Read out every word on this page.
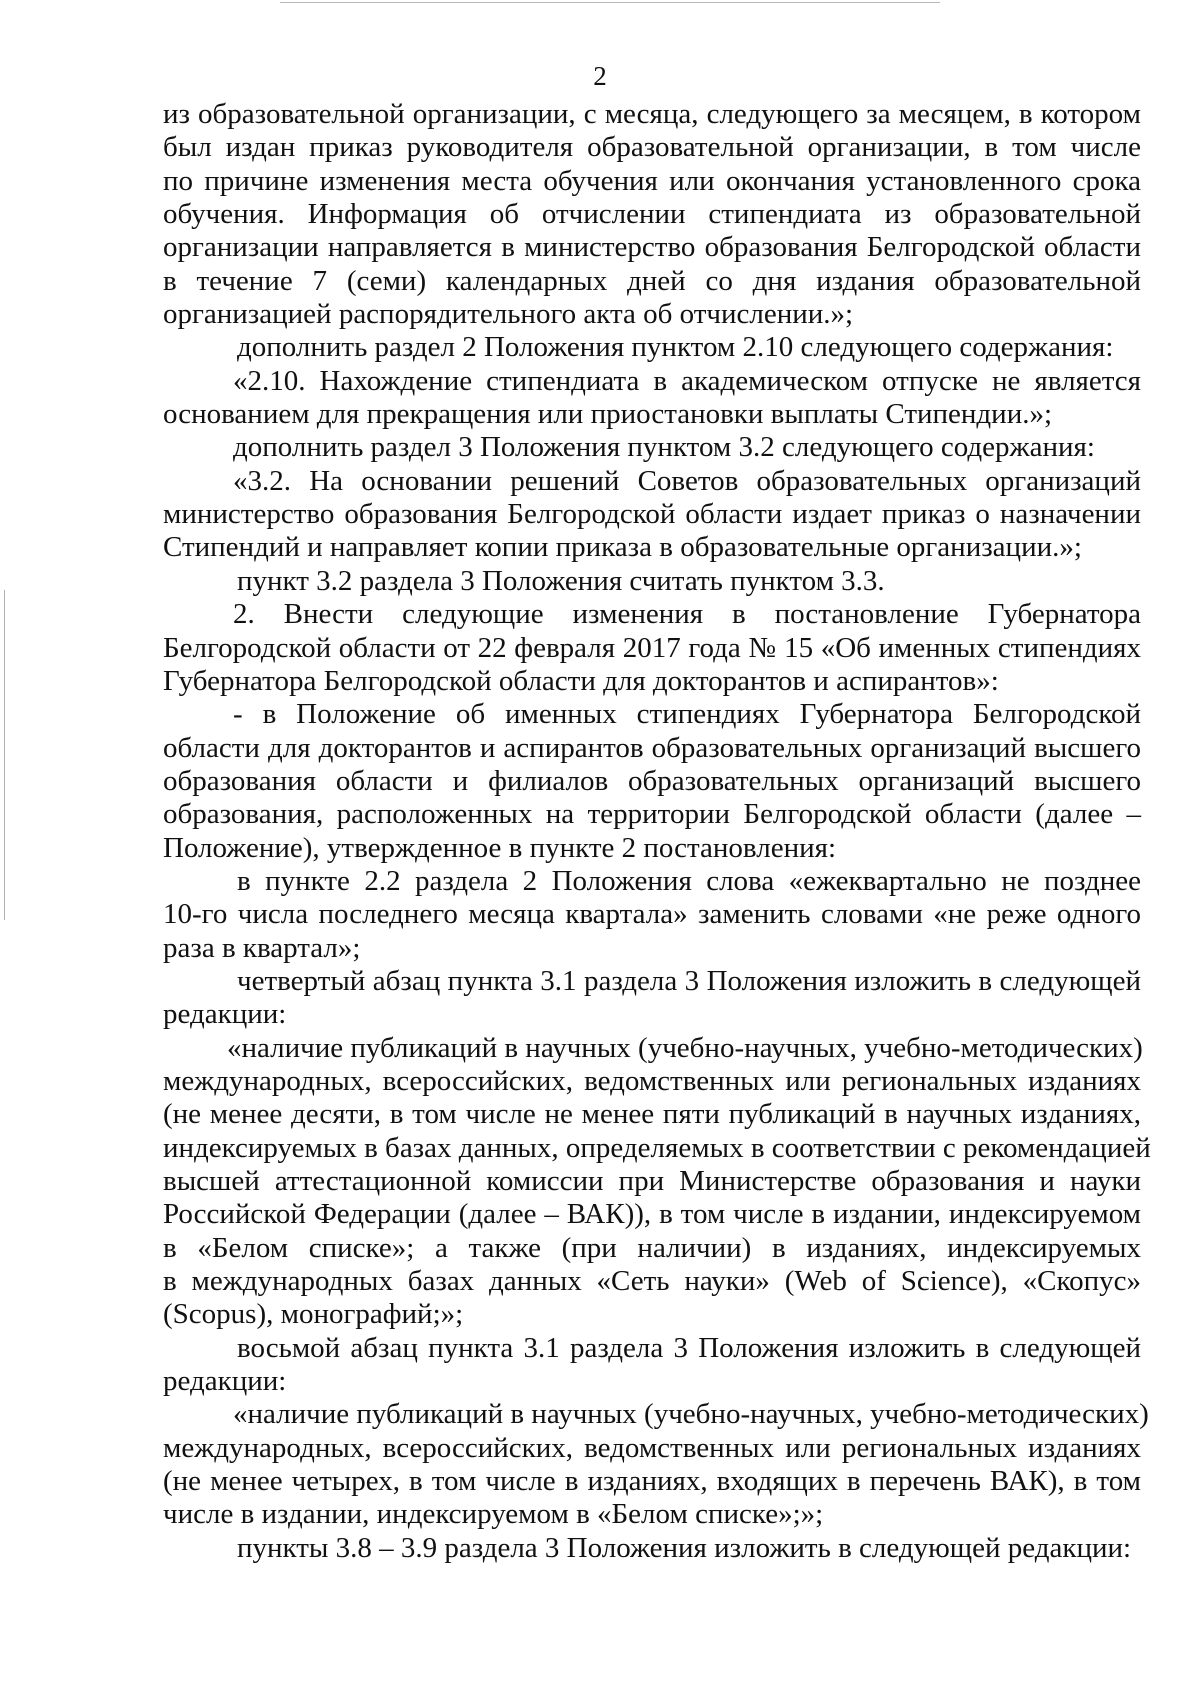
2
из образовательной организации, с месяца, следующего за месяцем, в котором
был издан приказ руководителя образовательной организации, в том числе
по причине изменения места обучения или окончания установленного срока
обучения. Информация об отчислении стипендиата из образовательной
организации направляется в министерство образования Белгородской области
в течение 7 (семи) календарных дней со дня издания образовательной
организацией распорядительного акта об отчислении.»;
дополнить раздел 2 Положения пунктом 2.10 следующего содержания:
«2.10. Нахождение стипендиата в академическом отпуске не является
основанием для прекращения или приостановки выплаты Стипендии.»;
дополнить раздел 3 Положения пунктом 3.2 следующего содержания:
«3.2. На основании решений Советов образовательных организаций
министерство образования Белгородской области издает приказ о назначении
Стипендий и направляет копии приказа в образовательные организации.»;
пункт 3.2 раздела 3 Положения считать пунктом 3.3.
2. Внести следующие изменения в постановление Губернатора
Белгородской области от 22 февраля 2017 года № 15 «Об именных стипендиях
Губернатора Белгородской области для докторантов и аспирантов»:
- в Положение об именных стипендиях Губернатора Белгородской
области для докторантов и аспирантов образовательных организаций высшего
образования области и филиалов образовательных организаций высшего
образования, расположенных на территории Белгородской области (далее –
Положение), утвержденное в пункте 2 постановления:
в пункте 2.2 раздела 2 Положения слова «ежеквартально не позднее
10-го числа последнего месяца квартала» заменить словами «не реже одного
раза в квартал»;
четвертый абзац пункта 3.1 раздела 3 Положения изложить в следующей
редакции:
«наличие публикаций в научных (учебно-научных, учебно-методических)
международных, всероссийских, ведомственных или региональных изданиях
(не менее десяти, в том числе не менее пяти публикаций в научных изданиях,
индексируемых в базах данных, определяемых в соответствии с рекомендацией
высшей аттестационной комиссии при Министерстве образования и науки
Российской Федерации (далее – ВАК)), в том числе в издании, индексируемом
в «Белом списке»; а также (при наличии) в изданиях, индексируемых
в международных базах данных «Сеть науки» (Web of Science), «Скопус»
(Scopus), монографий;»;
восьмой абзац пункта 3.1 раздела 3 Положения изложить в следующей
редакции:
«наличие публикаций в научных (учебно-научных, учебно-методических)
международных, всероссийских, ведомственных или региональных изданиях
(не менее четырех, в том числе в изданиях, входящих в перечень ВАК), в том
числе в издании, индексируемом в «Белом списке»;»;
пункты 3.8 – 3.9 раздела 3 Положения изложить в следующей редакции:
